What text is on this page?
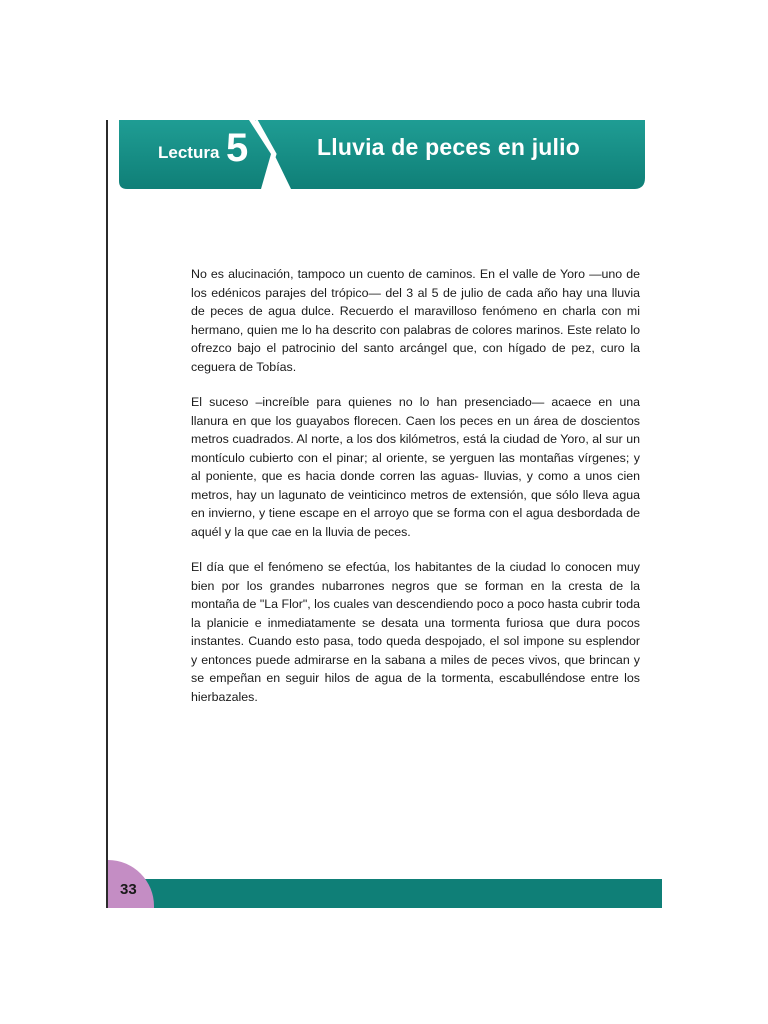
Lectura 5	Lluvia de peces en julio

No es alucinación, tampoco un cuento de caminos. En el valle de Yoro —uno de los edénicos parajes del trópico— del 3 al 5 de julio de cada año hay una lluvia de peces de agua dulce. Recuerdo el maravilloso fenómeno en charla con mi hermano, quien me lo ha descrito con palabras de colores marinos. Este relato lo ofrezco bajo el patrocinio del santo arcángel que, con hígado de pez, curo la ceguera de Tobías.

El suceso –increíble para quienes no lo han presenciado— acaece en una llanura en que los guayabos florecen. Caen los peces en un área de doscientos metros cuadrados. Al norte, a los dos kilómetros, está la ciudad de Yoro, al sur un montículo cubierto con el pinar; al oriente, se yerguen las montañas vírgenes; y al poniente, que es hacia donde corren las aguas- lluvias, y como a unos cien metros, hay un lagunato de veinticinco metros de extensión, que sólo lleva agua en invierno, y tiene escape en el arroyo que se forma con el agua desbordada de aquél y la que cae en la lluvia de peces.

El día que el fenómeno se efectúa, los habitantes de la ciudad lo conocen muy bien por los grandes nubarrones negros que se forman en la cresta de la montaña de "La Flor", los cuales van descendiendo poco a poco hasta cubrir toda la planicie e inmediatamente se desata una tormenta furiosa que dura pocos instantes. Cuando esto pasa, todo queda despojado, el sol impone su esplendor y entonces puede admirarse en la sabana a miles de peces vivos, que brincan y se empeñan en seguir hilos de agua de la tormenta, escabulléndose entre los hierbazales.

33
